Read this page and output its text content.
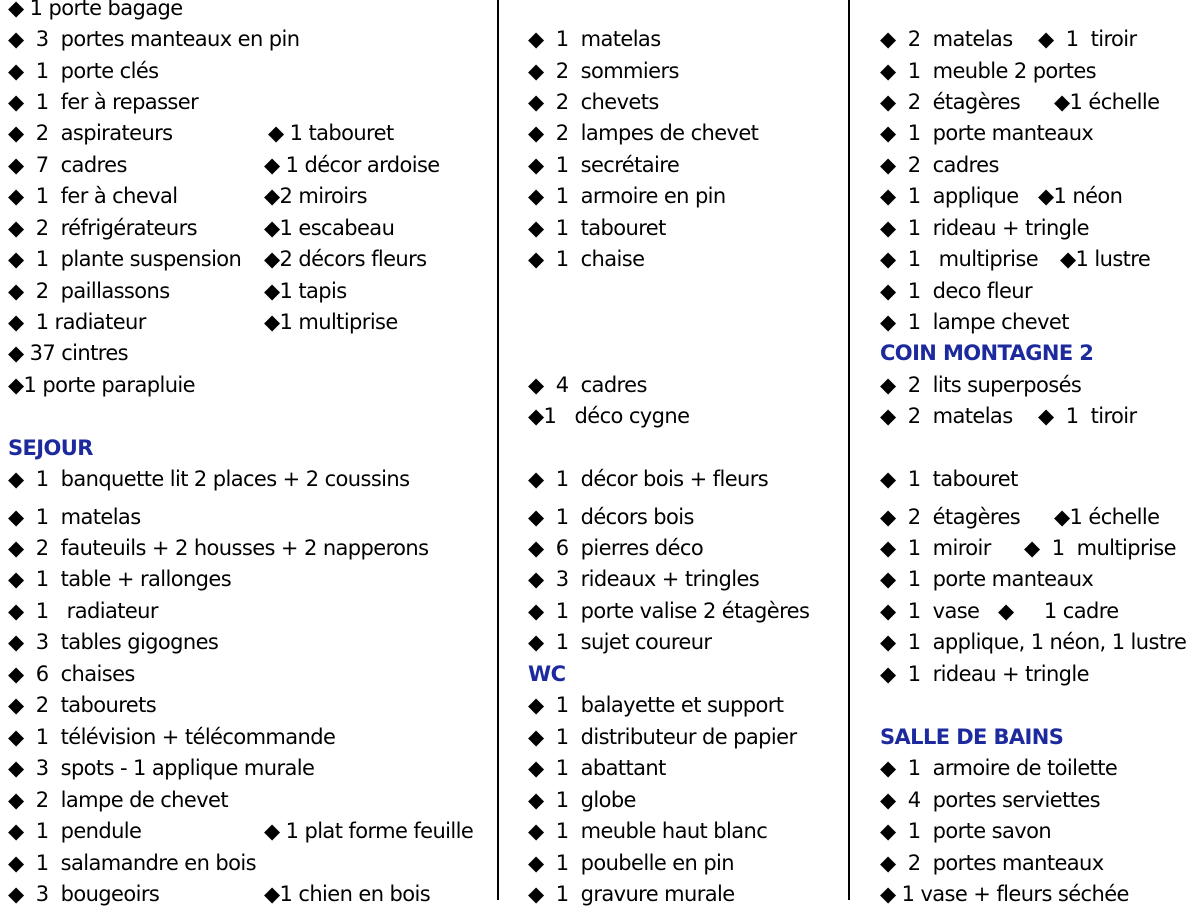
◆ 1 porte bagage
◆  3  portes manteaux en pin
◆  1  porte clés
◆  1  fer à repasser
◆  2  aspirateurs	◆ 1 tabouret
◆  7  cadres	◆ 1 décor ardoise
◆  1  fer à cheval	◆2 miroirs
◆  2  réfrigérateurs	◆1 escabeau
◆  1  plante suspension ◆2 décors fleurs
◆  2  paillassons	◆1 tapis
◆  1 radiateur	◆1 multiprise
◆ 37 cintres
◆1 porte parapluie
SEJOUR
◆  1  banquette lit 2 places + 2 coussins
◆  1  matelas
◆  2  fauteuils + 2 housses + 2 napperons
◆  1  table + rallonges
◆  1   radiateur
◆  3  tables gigognes
◆  6  chaises
◆  2  tabourets
◆  1  télévision + télécommande
◆  3  spots - 1 applique murale
◆  2  lampe de chevet
◆  1  pendule	◆ 1 plat forme feuille
◆  1  salamandre en bois
◆  3  bougeoirs	◆1 chien en bois
◆  1  matelas
◆  2  sommiers
◆  2  chevets
◆  2  lampes de chevet
◆  1  secrétaire
◆  1  armoire en pin
◆  1  tabouret
◆  1  chaise
◆  4  cadres
◆1   déco cygne
◆  1  décor bois + fleurs
◆  1  décors bois
◆  6  pierres déco
◆  3  rideaux + tringles
◆  1  porte valise 2 étagères
◆  1  sujet coureur
WC
◆  1  balayette et support
◆  1  distributeur de papier
◆  1  abattant
◆  1  globe
◆  1  meuble haut blanc
◆  1  poubelle en pin
◆  1  gravure murale
◆  2  matelas ◆  1  tiroir
◆  1  meuble 2 portes
◆  2  étagères ◆1 échelle
◆  1  porte manteaux
◆  2  cadres
◆  1  applique ◆1 néon
◆  1  rideau + tringle
◆  1   multiprise ◆1 lustre
◆  1  deco fleur
◆  1  lampe chevet
COIN MONTAGNE 2
◆  2  lits superposés
◆  2  matelas ◆  1  tiroir
◆  1  tabouret
◆  2  étagères ◆1 échelle
◆  1  miroir ◆  1  multiprise
◆  1  porte manteaux
◆  1  vase ◆     1 cadre
◆  1  applique, 1 néon, 1 lustre
◆  1  rideau + tringle
SALLE DE BAINS
◆  1  armoire de toilette
◆  4  portes serviettes
◆  1  porte savon
◆  2  portes manteaux
◆ 1 vase + fleurs séchée
